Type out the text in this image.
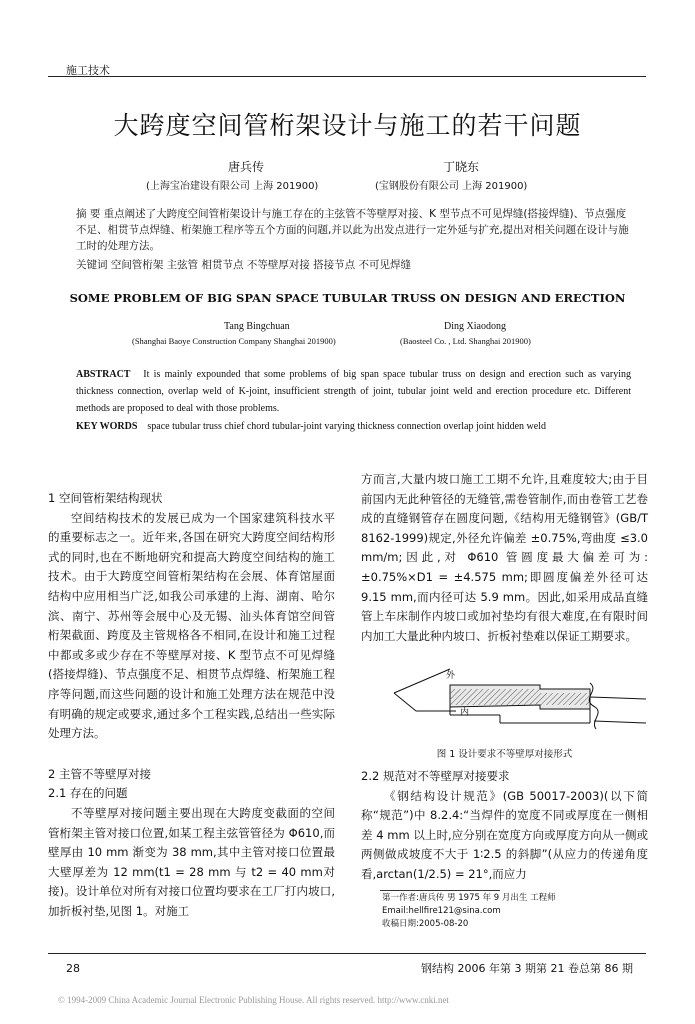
施工技术
大跨度空间管桁架设计与施工的若干问题
唐兵传
(上海宝冶建设有限公司 上海 201900)
丁晓东
(宝钢股份有限公司 上海 201900)
摘 要 重点阐述了大跨度空间管桁架设计与施工存在的主弦管不等壁厚对接、K 型节点不可见焊缝(搭接焊缝)、节点强度不足、相贯节点焊缝、桁架施工程序等五个方面的问题,并以此为出发点进行一定外延与扩充,提出对相关问题在设计与施工时的处理方法。
关键词 空间管桁架 主弦管 相贯节点 不等壁厚对接 搭接节点 不可见焊缝
SOME PROBLEM OF BIG SPAN SPACE TUBULAR TRUSS ON DESIGN AND ERECTION
Tang Bingchuan
(Shanghai Baoye Construction Company Shanghai 201900)
Ding Xiaodong
(Baosteel Co. , Ltd. Shanghai 201900)
ABSTRACT It is mainly expounded that some problems of big span space tubular truss on design and erection such as varying thickness connection, overlap weld of K-joint, insufficient strength of joint, tubular joint weld and erection procedure etc. Different methods are proposed to deal with those problems.
KEY WORDS space tubular truss chief chord tubular-joint varying thickness connection overlap joint hidden weld

1 空间管桁架结构现状

空间结构技术的发展已成为一个国家建筑科技水平的重要标志之一。近年来,各国在研究大跨度空间结构形式的同时,也在不断地研究和提高大跨度空间结构的施工技术。由于大跨度空间管桁架结构在会展、体育馆屋面结构中应用相当广泛,如我公司承建的上海、湖南、哈尔滨、南宁、苏州等会展中心及无锡、汕头体育馆空间管桁架截面、跨度及主管规格各不相同,在设计和施工过程中都或多或少存在不等壁厚对接、K 型节点不可见焊缝(搭接焊缝)、节点强度不足、相贯节点焊缝、桁架施工程序等问题,而这些问题的设计和施工处理方法在规范中没有明确的规定或要求,通过多个工程实践,总结出一些实际处理方法。

2 主管不等壁厚对接

2.1 存在的问题

不等壁厚对接问题主要出现在大跨度变截面的空间管桁架主管对接口位置,如某工程主弦管管径为 Φ610,而壁厚由 10 mm 渐变为 38 mm,其中主管对接口位置最大壁厚差为 12 mm(t1 = 28 mm 与 t2 = 40 mm对接)。设计单位对所有对接口位置均要求在工厂打内坡口,加折板衬垫,见图 1。对施工

方而言,大量内坡口施工工期不允许,且难度较大;由于目前国内无此种管径的无缝管,需卷管制作,而由卷管工艺卷成的直缝钢管存在圆度问题,《结构用无缝钢管》(GB/T 8162-1999)规定,外径允许偏差 ±0.75%,弯曲度 ≤3.0 mm/m;因此,对 Φ610 管圆度最大偏差可为:±0.75%×D1 = ±4.575 mm;即圆度偏差外径可达 9.15 mm,而内径可达 5.9 mm。因此,如采用成品直缝管上车床制作内坡口或加衬垫均有很大难度,在有限时间内加工大量此种内坡口、折板衬垫难以保证工期要求。

外
内
图 1 设计要求不等壁厚对接形式

2.2 规范对不等壁厚对接要求

《钢结构设计规范》(GB 50017-2003)(以下简称“规范”)中 8.2.4:“当焊件的宽度不同或厚度在一侧相差 4 mm 以上时,应分别在宽度方向或厚度方向从一侧或两侧做成坡度不大于 1∶2.5 的斜脚”(从应力的传递角度看,arctan(1/2.5) = 21°,而应力

第一作者:唐兵传 男 1975 年 9 月出生 工程师
Email:hellfire121@sina.com
收稿日期:2005-08-20
28	钢结构 2006 年第 3 期第 21 卷总第 86 期
© 1994-2009 China Academic Journal Electronic Publishing House. All rights reserved. http://www.cnki.net
